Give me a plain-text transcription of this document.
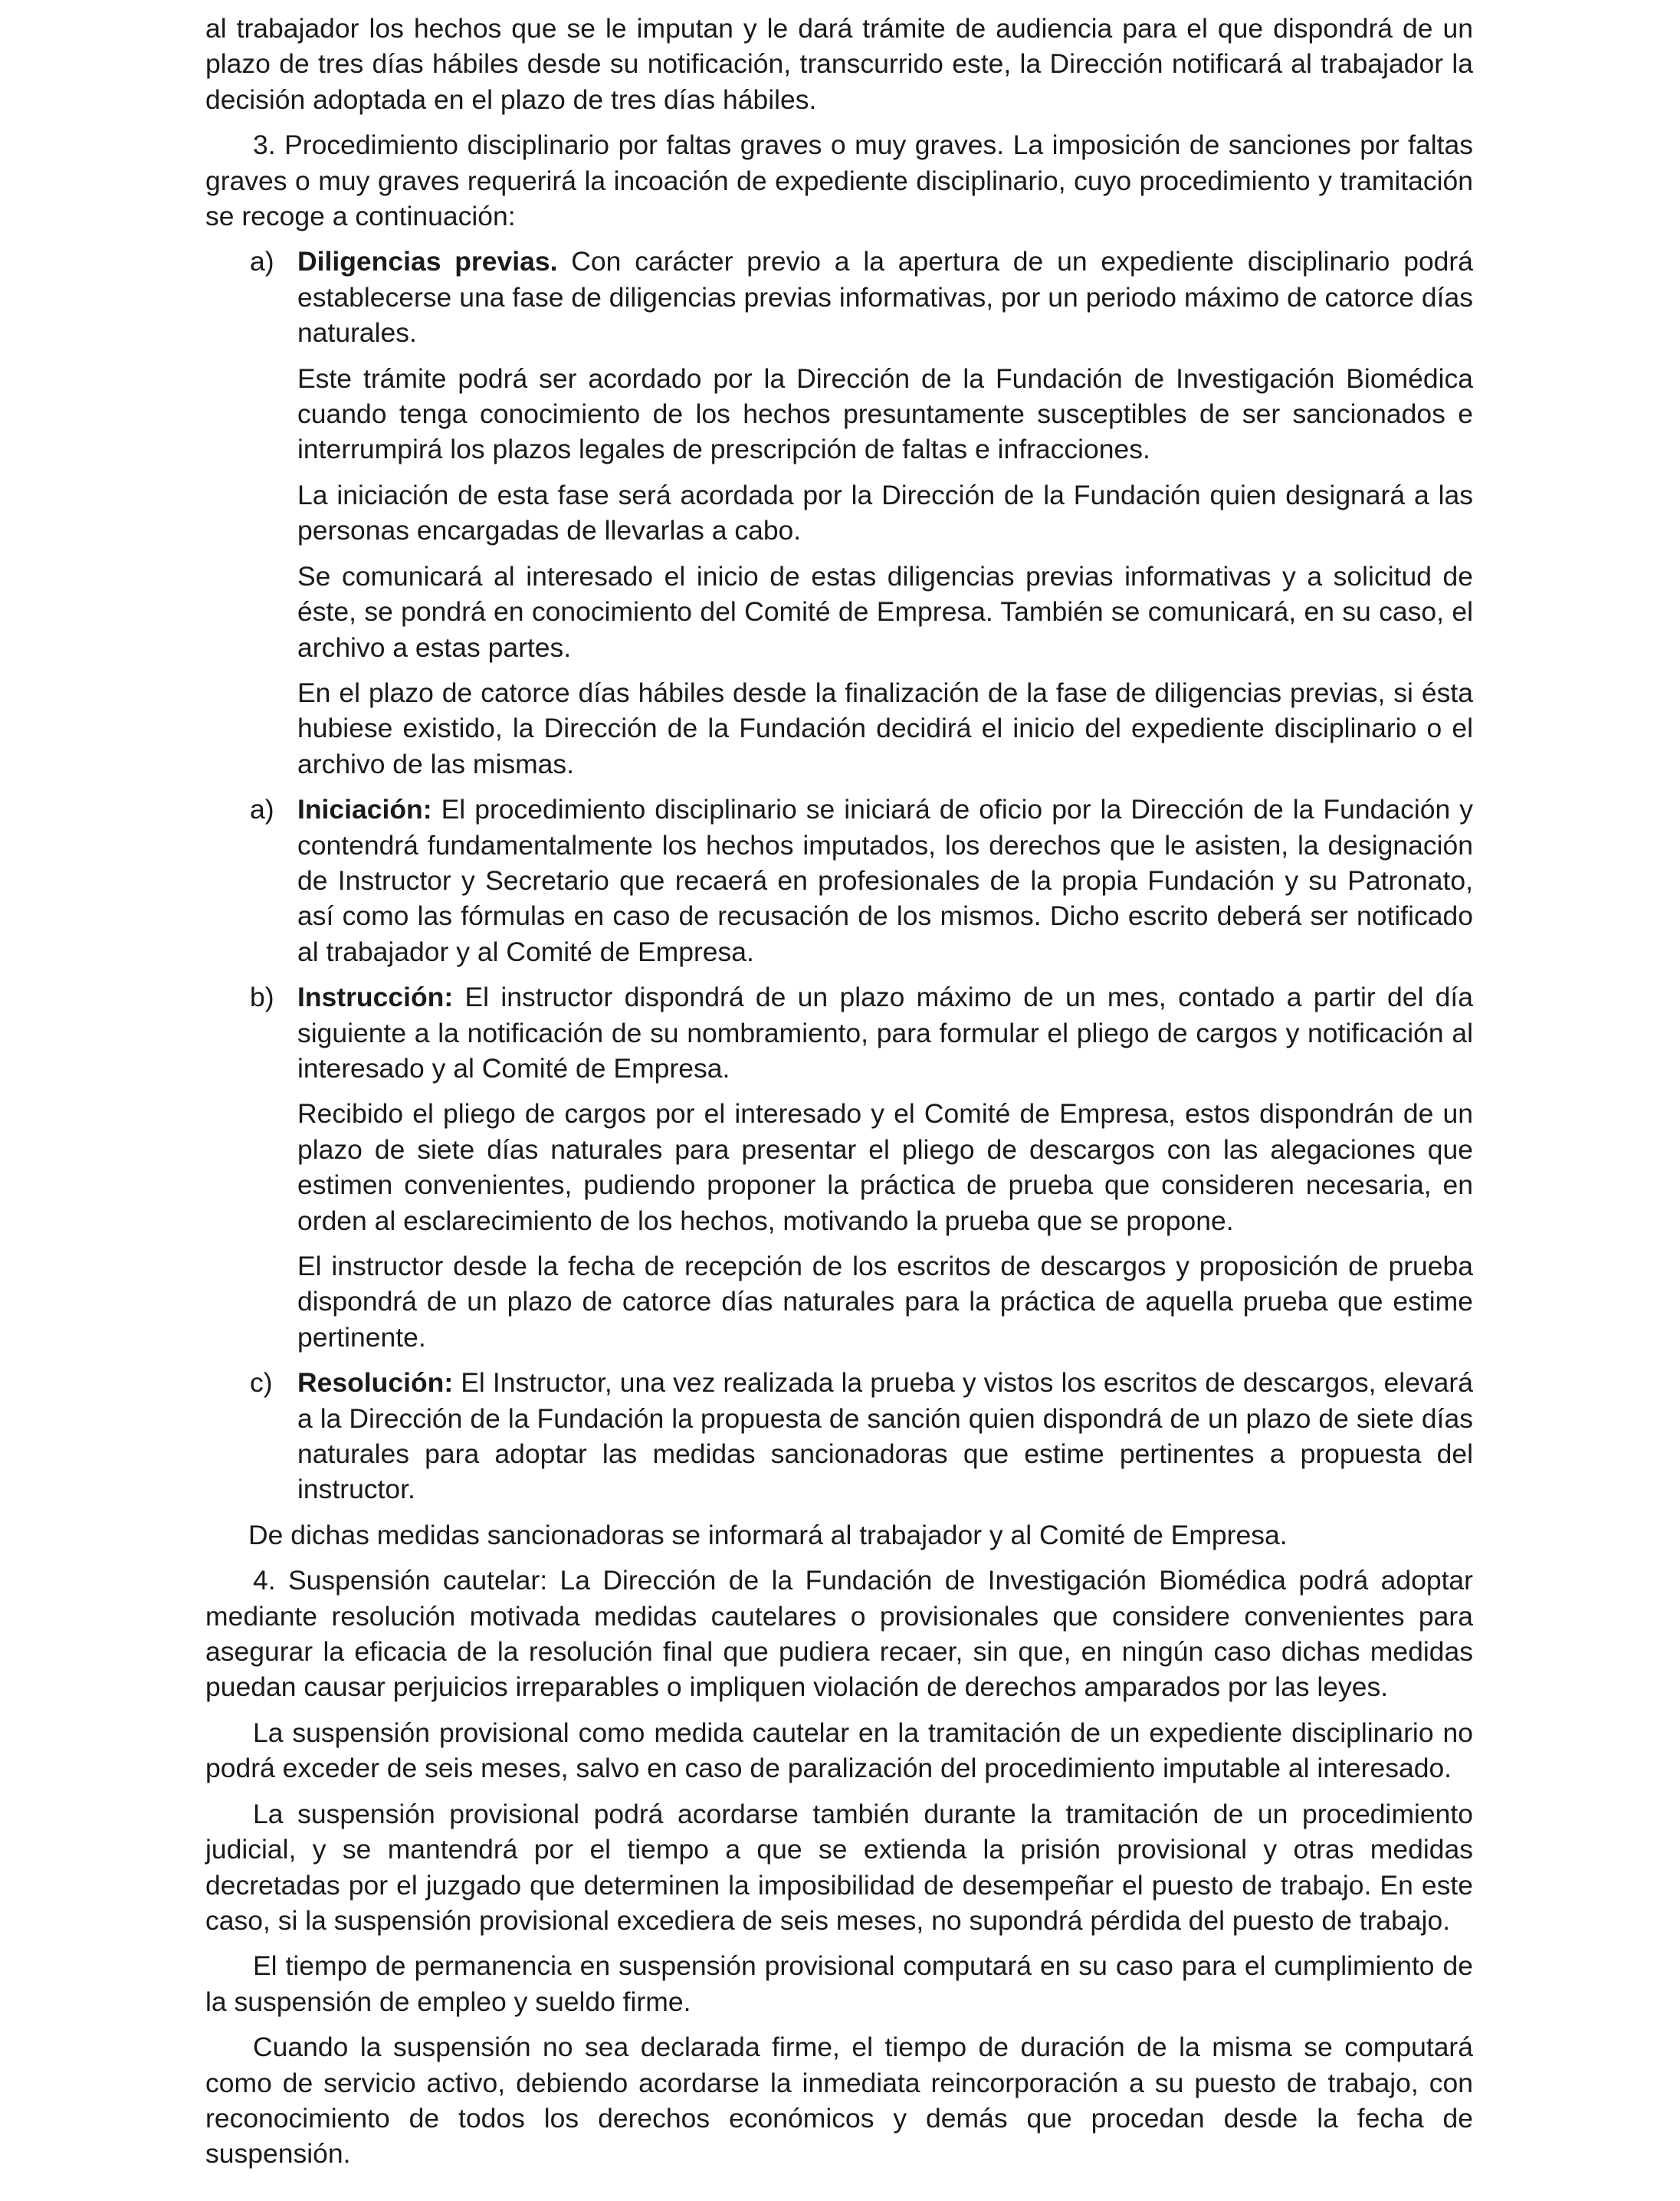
al trabajador los hechos que se le imputan y le dará trámite de audiencia para el que dispondrá de un plazo de tres días hábiles desde su notificación, transcurrido este, la Dirección notificará al trabajador la decisión adoptada en el plazo de tres días hábiles.

3. Procedimiento disciplinario por faltas graves o muy graves. La imposición de sanciones por faltas graves o muy graves requerirá la incoación de expediente disciplinario, cuyo procedimiento y tramitación se recoge a continuación:

a) Diligencias previas. Con carácter previo a la apertura de un expediente disciplinario podrá establecerse una fase de diligencias previas informativas, por un periodo máximo de catorce días naturales.

Este trámite podrá ser acordado por la Dirección de la Fundación de Investigación Biomédica cuando tenga conocimiento de los hechos presuntamente susceptibles de ser sancionados e interrumpirá los plazos legales de prescripción de faltas e infracciones.

La iniciación de esta fase será acordada por la Dirección de la Fundación quien designará a las personas encargadas de llevarlas a cabo.

Se comunicará al interesado el inicio de estas diligencias previas informativas y a solicitud de éste, se pondrá en conocimiento del Comité de Empresa. También se comunicará, en su caso, el archivo a estas partes.

En el plazo de catorce días hábiles desde la finalización de la fase de diligencias previas, si ésta hubiese existido, la Dirección de la Fundación decidirá el inicio del expediente disciplinario o el archivo de las mismas.

a) Iniciación: El procedimiento disciplinario se iniciará de oficio por la Dirección de la Fundación y contendrá fundamentalmente los hechos imputados, los derechos que le asisten, la designación de Instructor y Secretario que recaerá en profesionales de la propia Fundación y su Patronato, así como las fórmulas en caso de recusación de los mismos. Dicho escrito deberá ser notificado al trabajador y al Comité de Empresa.
b) Instrucción: El instructor dispondrá de un plazo máximo de un mes, contado a partir del día siguiente a la notificación de su nombramiento, para formular el pliego de cargos y notificación al interesado y al Comité de Empresa.

Recibido el pliego de cargos por el interesado y el Comité de Empresa, estos dispondrán de un plazo de siete días naturales para presentar el pliego de descargos con las alegaciones que estimen convenientes, pudiendo proponer la práctica de prueba que consideren necesaria, en orden al esclarecimiento de los hechos, motivando la prueba que se propone.

El instructor desde la fecha de recepción de los escritos de descargos y proposición de prueba dispondrá de un plazo de catorce días naturales para la práctica de aquella prueba que estime pertinente.

c) Resolución: El Instructor, una vez realizada la prueba y vistos los escritos de descargos, elevará a la Dirección de la Fundación la propuesta de sanción quien dispondrá de un plazo de siete días naturales para adoptar las medidas sancionadoras que estime pertinentes a propuesta del instructor.

De dichas medidas sancionadoras se informará al trabajador y al Comité de Empresa.

4. Suspensión cautelar: La Dirección de la Fundación de Investigación Biomédica podrá adoptar mediante resolución motivada medidas cautelares o provisionales que considere convenientes para asegurar la eficacia de la resolución final que pudiera recaer, sin que, en ningún caso dichas medidas puedan causar perjuicios irreparables o impliquen violación de derechos amparados por las leyes.

La suspensión provisional como medida cautelar en la tramitación de un expediente disciplinario no podrá exceder de seis meses, salvo en caso de paralización del procedimiento imputable al interesado.

La suspensión provisional podrá acordarse también durante la tramitación de un procedimiento judicial, y se mantendrá por el tiempo a que se extienda la prisión provisional y otras medidas decretadas por el juzgado que determinen la imposibilidad de desempeñar el puesto de trabajo. En este caso, si la suspensión provisional excediera de seis meses, no supondrá pérdida del puesto de trabajo.

El tiempo de permanencia en suspensión provisional computará en su caso para el cumplimiento de la suspensión de empleo y sueldo firme.

Cuando la suspensión no sea declarada firme, el tiempo de duración de la misma se computará como de servicio activo, debiendo acordarse la inmediata reincorporación a su puesto de trabajo, con reconocimiento de todos los derechos económicos y demás que procedan desde la fecha de suspensión.
